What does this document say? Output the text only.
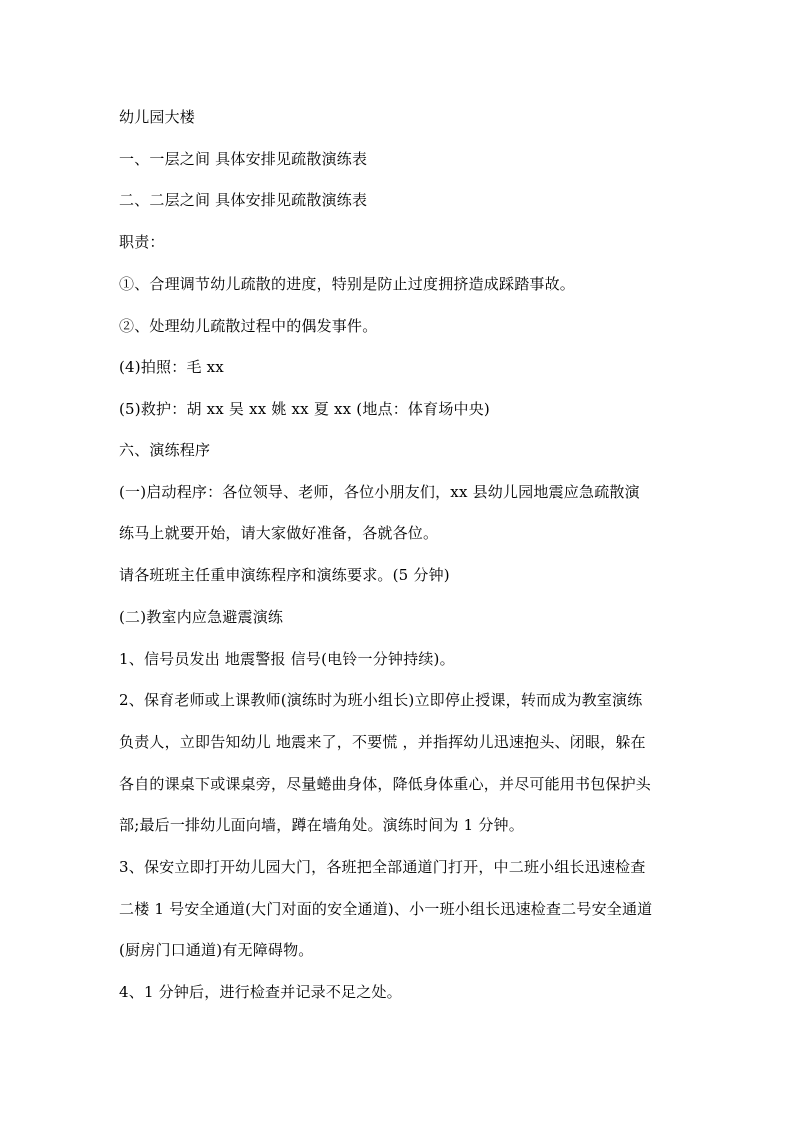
幼儿园大楼
一、一层之间 具体安排见疏散演练表
二、二层之间 具体安排见疏散演练表
职责：
①、合理调节幼儿疏散的进度，特别是防止过度拥挤造成踩踏事故。
②、处理幼儿疏散过程中的偶发事件。
(4)拍照：毛 xx
(5)救护：胡 xx 吴 xx 姚 xx 夏 xx (地点：体育场中央)
六、演练程序
(一)启动程序：各位领导、老师，各位小朋友们，xx 县幼儿园地震应急疏散演
练马上就要开始，请大家做好准备，各就各位。
请各班班主任重申演练程序和演练要求。(5 分钟)
(二)教室内应急避震演练
1、信号员发出 地震警报 信号(电铃一分钟持续)。
2、保育老师或上课教师(演练时为班小组长)立即停止授课，转而成为教室演练
负责人，立即告知幼儿 地震来了，不要慌 ，并指挥幼儿迅速抱头、闭眼，躲在
各自的课桌下或课桌旁，尽量蜷曲身体，降低身体重心，并尽可能用书包保护头
部;最后一排幼儿面向墙，蹲在墙角处。演练时间为 1 分钟。
3、保安立即打开幼儿园大门，各班把全部通道门打开，中二班小组长迅速检查
二楼 1 号安全通道(大门对面的安全通道)、小一班小组长迅速检查二号安全通道
(厨房门口通道)有无障碍物。
4、1 分钟后，进行检查并记录不足之处。
